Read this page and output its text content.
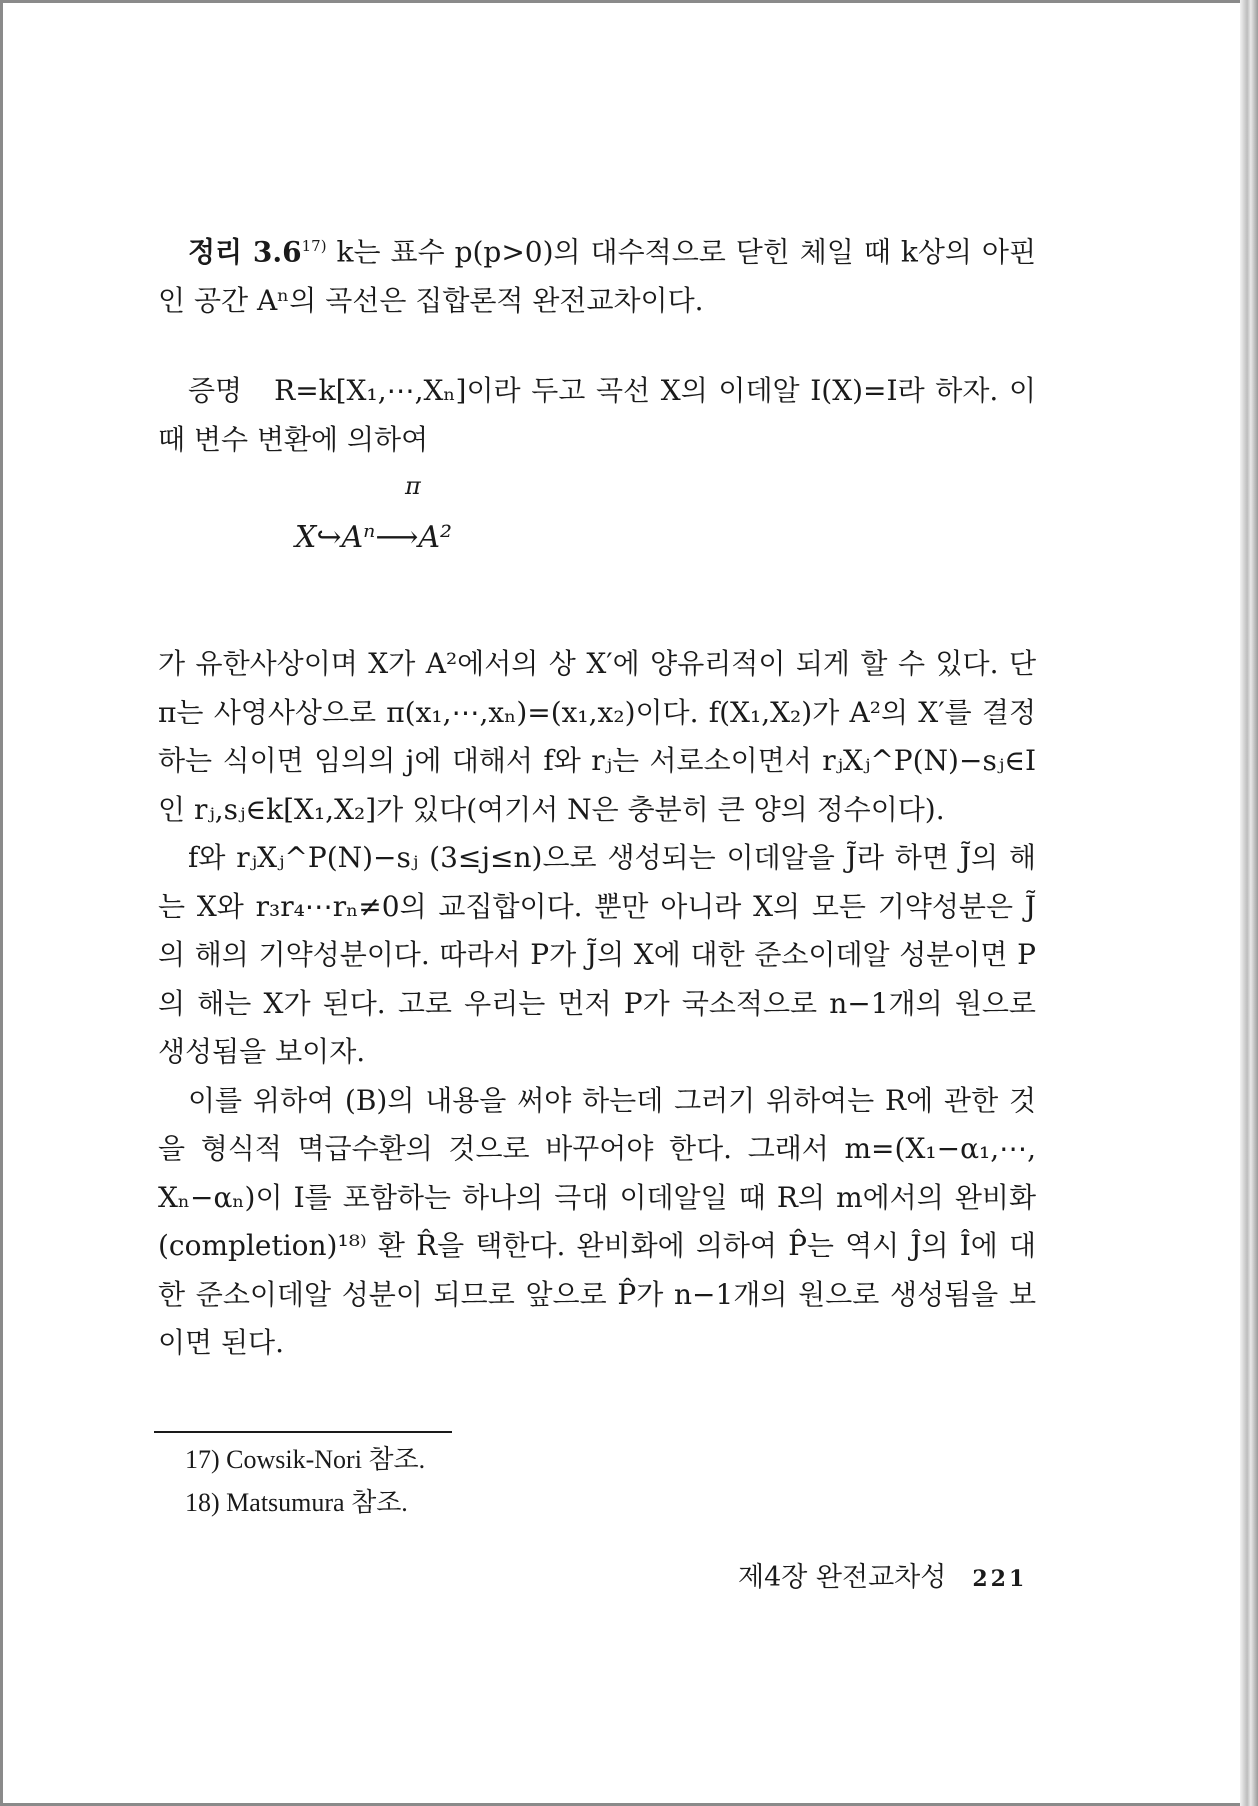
정리 3.6$^{17)}$ k는 표수 p(p>0)의 대수적으로 닫힌 체일 때 k상의 아핀인 공간 Aⁿ의 곡선은 집합론적 완전교차이다.

증명 R=k[X₁,⋯,Xₙ]이라 두고 곡선 X의 이데알 I(X)=I라 하자. 이때 변수 변환에 의하여

π
X↪Aⁿ⟶A²

가 유한사상이며 X가 A²에서의 상 X′에 양유리적이 되게 할 수 있다. 단 π는 사영사상으로 π(x₁,⋯,xₙ)=(x₁,x₂)이다. f(X₁,X₂)가 A²의 X′를 결정하는 식이면 임의의 j에 대해서 f와 rⱼ는 서로소이면서 rⱼXⱼ^P(N)−sⱼ∈I인 rⱼ,sⱼ∈k[X₁,X₂]가 있다(여기서 N은 충분히 큰 양의 정수이다).

f와 rⱼXⱼ^P(N)−sⱼ (3≤j≤n)으로 생성되는 이데알을 J̃라 하면 J̃의 해는 X와 r₃r₄⋯rₙ≠0의 교집합이다. 뿐만 아니라 X의 모든 기약성분은 J̃의 해의 기약성분이다. 따라서 P가 J̃의 X에 대한 준소이데알 성분이면 P의 해는 X가 된다. 고로 우리는 먼저 P가 국소적으로 n−1개의 원으로 생성됨을 보이자.

이를 위하여 (B)의 내용을 써야 하는데 그러기 위하여는 R에 관한 것을 형식적 멱급수환의 것으로 바꾸어야 한다. 그래서 m=(X₁−α₁,⋯, Xₙ−αₙ)이 I를 포함하는 하나의 극대 이데알일 때 R의 m에서의 완비화(completion)¹⁸⁾ 환 R̂을 택한다. 완비화에 의하여 P̂는 역시 Ĵ의 Î에 대한 준소이데알 성분이 되므로 앞으로 P̂가 n−1개의 원으로 생성됨을 보이면 된다.

17) Cowsik-Nori 참조.
18) Matsumura 참조.
제4장 완전교차성 221
